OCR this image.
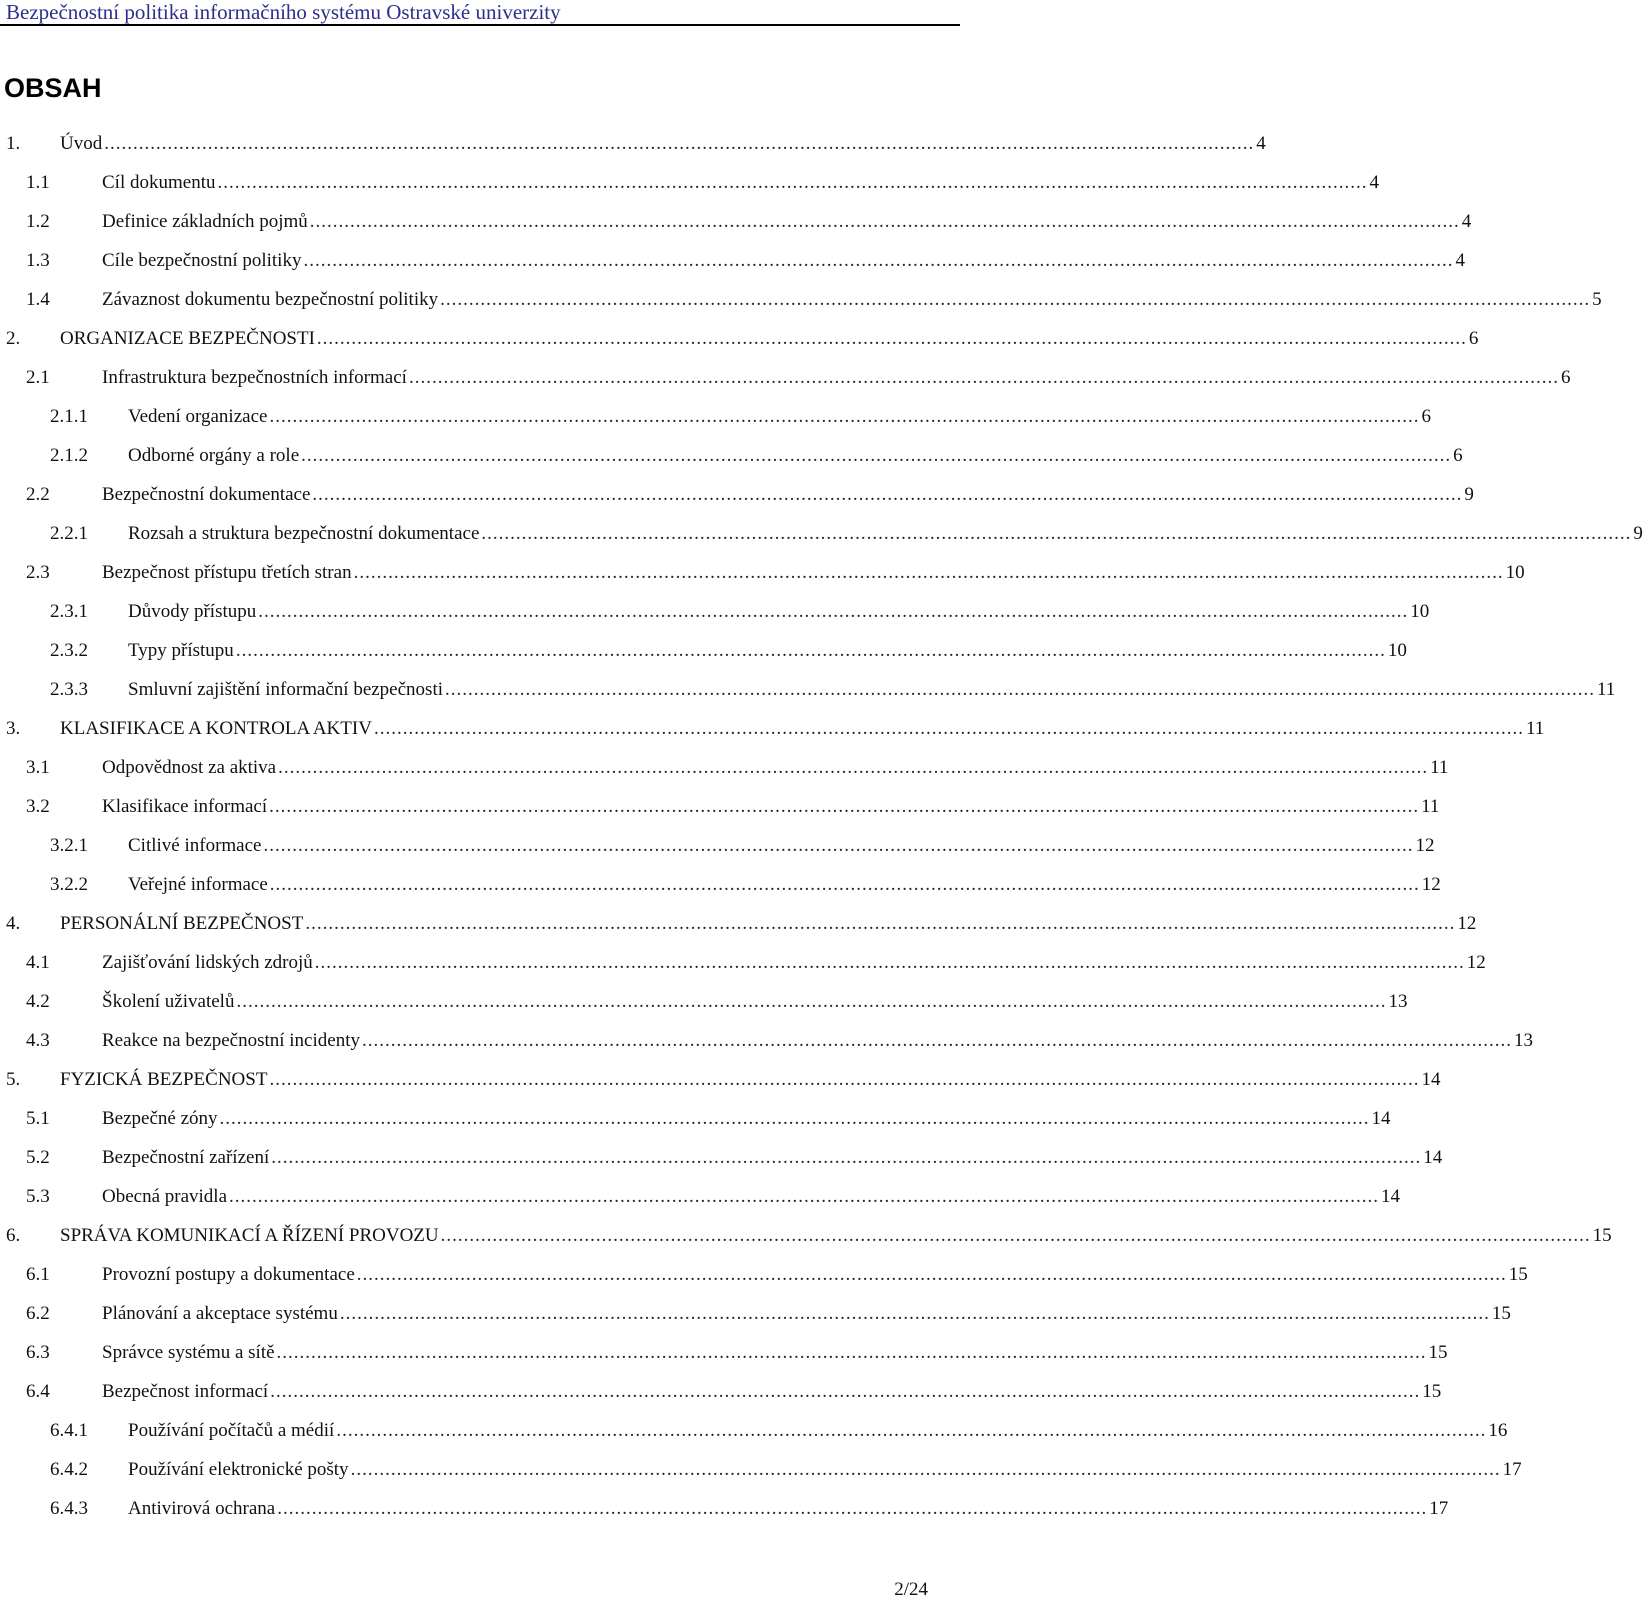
Bezpečnostní politika informačního systému Ostravské univerzity
OBSAH
1. Úvod ........................................................................................................................................................................................................ 4
1.1	Cíl dokumentu ........................................................................................................................................................................................................ 4
1.2	Definice základních pojmů ........................................................................................................................................................................................................ 4
1.3	Cíle bezpečnostní politiky ........................................................................................................................................................................................................ 4
1.4	Závaznost dokumentu bezpečnostní politiky ........................................................................................................................................................................................................ 5
2. ORGANIZACE BEZPEČNOSTI ........................................................................................................................................................................................................ 6
2.1	Infrastruktura bezpečnostních informací ........................................................................................................................................................................................................ 6
2.1.1 Vedení organizace ........................................................................................................................................................................................................ 6
2.1.2 Odborné orgány a role ........................................................................................................................................................................................................ 6
2.2	Bezpečnostní dokumentace ........................................................................................................................................................................................................ 9
2.2.1 Rozsah a struktura bezpečnostní dokumentace ........................................................................................................................................................................................................ 9
2.3	Bezpečnost přístupu třetích stran ........................................................................................................................................................................................................ 10
2.3.1 Důvody přístupu ........................................................................................................................................................................................................ 10
2.3.2 Typy přístupu ........................................................................................................................................................................................................ 10
2.3.3 Smluvní zajištění informační bezpečnosti ........................................................................................................................................................................................................ 11
3. KLASIFIKACE A KONTROLA AKTIV ........................................................................................................................................................................................................ 11
3.1	Odpovědnost za aktiva ........................................................................................................................................................................................................ 11
3.2	Klasifikace informací ........................................................................................................................................................................................................ 11
3.2.1 Citlivé informace ........................................................................................................................................................................................................ 12
3.2.2 Veřejné informace ........................................................................................................................................................................................................ 12
4. PERSONÁLNÍ BEZPEČNOST ........................................................................................................................................................................................................ 12
4.1	Zajišťování lidských zdrojů ........................................................................................................................................................................................................ 12
4.2	Školení uživatelů ........................................................................................................................................................................................................ 13
4.3	Reakce na bezpečnostní incidenty ........................................................................................................................................................................................................ 13
5. FYZICKÁ BEZPEČNOST ........................................................................................................................................................................................................ 14
5.1	Bezpečné zóny ........................................................................................................................................................................................................ 14
5.2	Bezpečnostní zařízení ........................................................................................................................................................................................................ 14
5.3	Obecná pravidla ........................................................................................................................................................................................................ 14
6. SPRÁVA KOMUNIKACÍ A ŘÍZENÍ PROVOZU ........................................................................................................................................................................................................ 15
6.1	Provozní postupy a dokumentace ........................................................................................................................................................................................................ 15
6.2	Plánování a akceptace systému ........................................................................................................................................................................................................ 15
6.3	Správce systému a sítě ........................................................................................................................................................................................................ 15
6.4	Bezpečnost informací ........................................................................................................................................................................................................ 15
6.4.1 Používání počítačů a médií ........................................................................................................................................................................................................ 16
6.4.2 Používání elektronické pošty ........................................................................................................................................................................................................ 17
6.4.3 Antivirová ochrana ........................................................................................................................................................................................................ 17
2/24
